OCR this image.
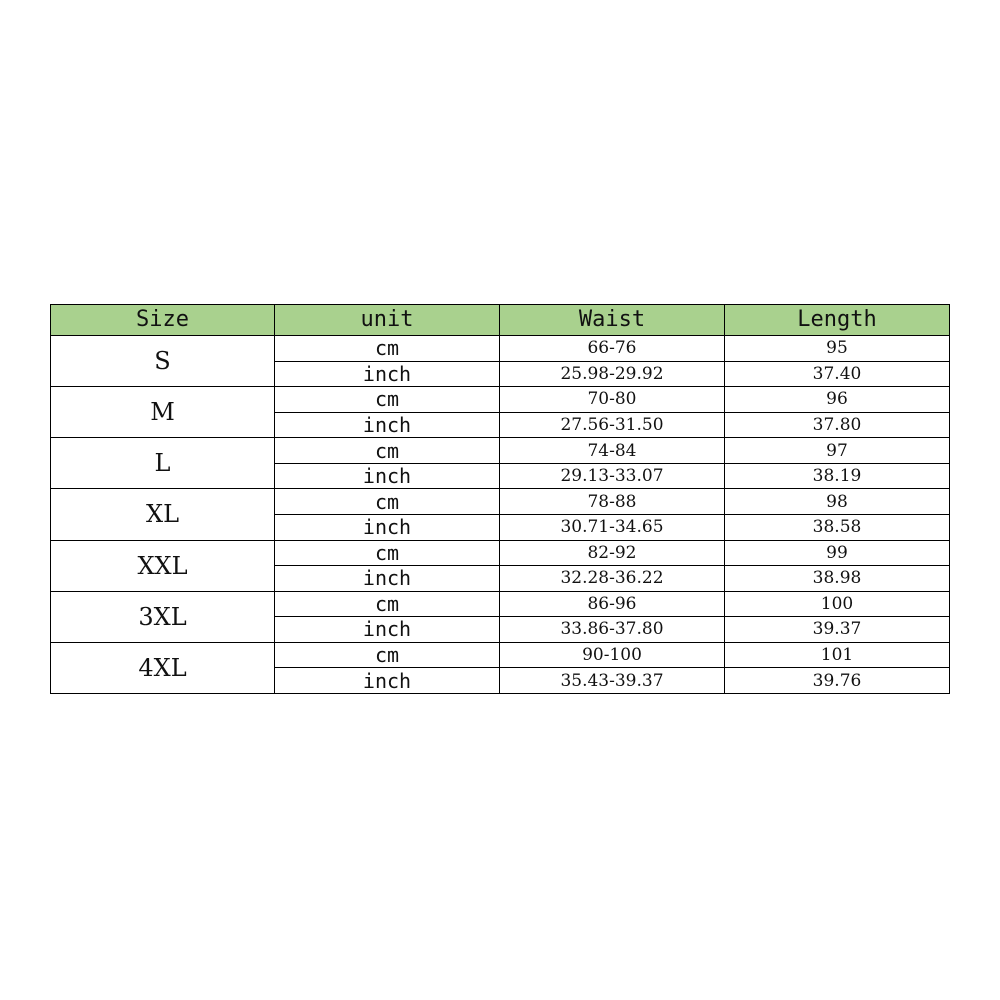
Size	unit	Waist	Length
S	cm	66-76	95
	inch	25.98-29.92	37.40
M	cm	70-80	96
	inch	27.56-31.50	37.80
L	cm	74-84	97
	inch	29.13-33.07	38.19
XL	cm	78-88	98
	inch	30.71-34.65	38.58
XXL	cm	82-92	99
	inch	32.28-36.22	38.98
3XL	cm	86-96	100
	inch	33.86-37.80	39.37
4XL	cm	90-100	101
	inch	35.43-39.37	39.76
